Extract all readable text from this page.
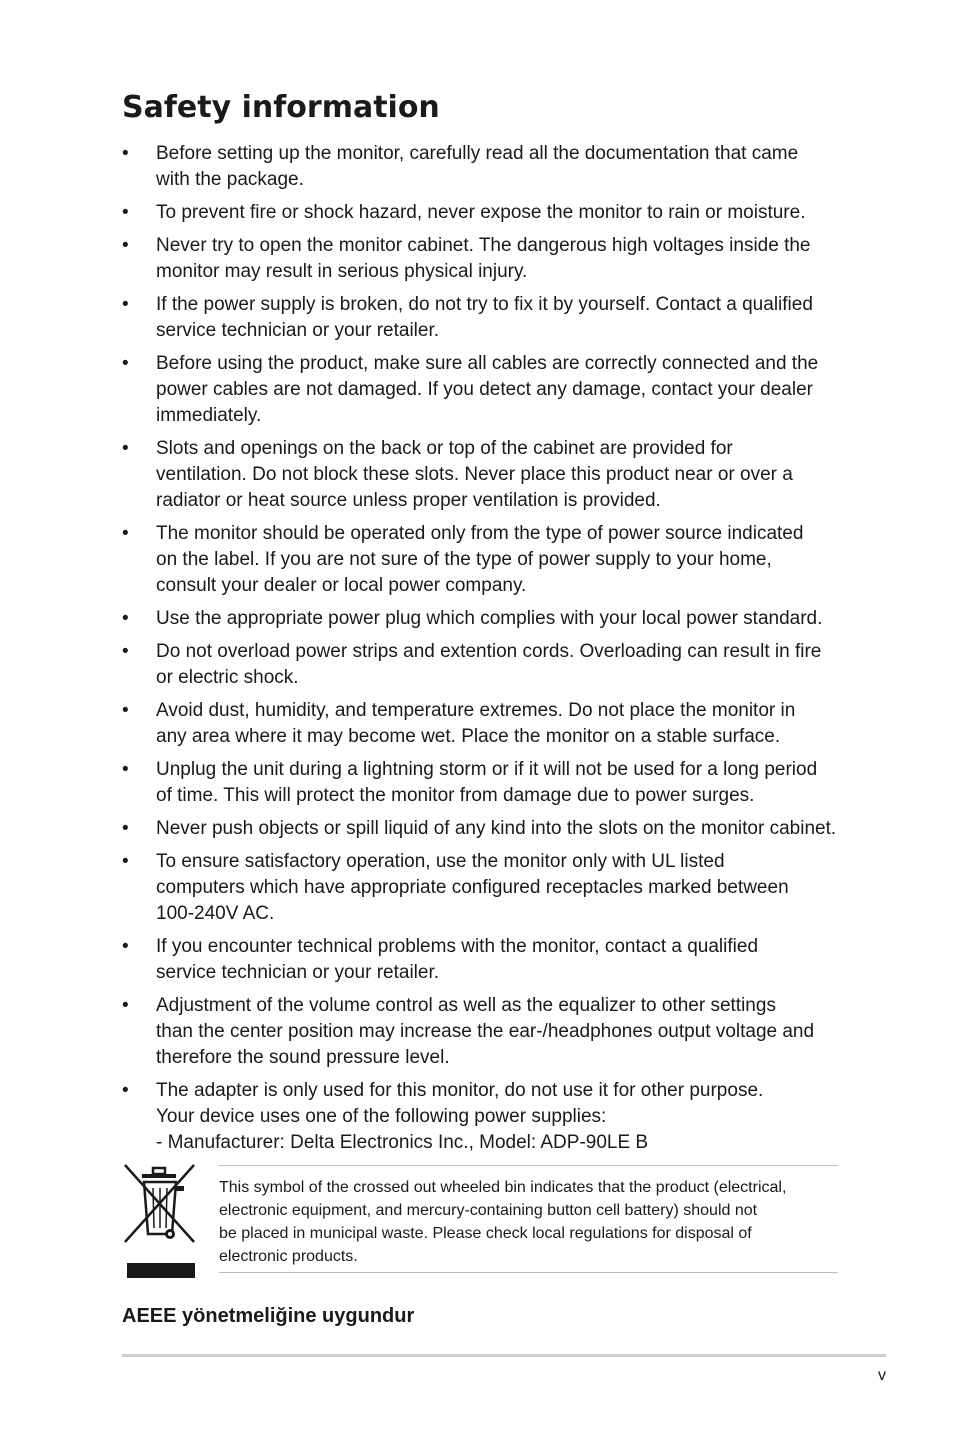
Safety information
• Before setting up the monitor, carefully read all the documentation that came
with the package.
• To prevent fire or shock hazard, never expose the monitor to rain or moisture.
• Never try to open the monitor cabinet. The dangerous high voltages inside the
monitor may result in serious physical injury.
• If the power supply is broken, do not try to fix it by yourself. Contact a qualified
service technician or your retailer.
• Before using the product, make sure all cables are correctly connected and the
power cables are not damaged. If you detect any damage, contact your dealer
immediately.
• Slots and openings on the back or top of the cabinet are provided for
ventilation. Do not block these slots. Never place this product near or over a
radiator or heat source unless proper ventilation is provided.
• The monitor should be operated only from the type of power source indicated
on the label. If you are not sure of the type of power supply to your home,
consult your dealer or local power company.
• Use the appropriate power plug which complies with your local power standard.
• Do not overload power strips and extention cords. Overloading can result in fire
or electric shock.
• Avoid dust, humidity, and temperature extremes. Do not place the monitor in
any area where it may become wet. Place the monitor on a stable surface.
• Unplug the unit during a lightning storm or if it will not be used for a long period
of time. This will protect the monitor from damage due to power surges.
• Never push objects or spill liquid of any kind into the slots on the monitor cabinet.
• To ensure satisfactory operation, use the monitor only with UL listed
computers which have appropriate configured receptacles marked between
100-240V AC.
• If you encounter technical problems with the monitor, contact a qualified
service technician or your retailer.
• Adjustment of the volume control as well as the equalizer to other settings
than the center position may increase the ear-/headphones output voltage and
therefore the sound pressure level.
• The adapter is only used for this monitor, do not use it for other purpose.
Your device uses one of the following power supplies:
- Manufacturer: Delta Electronics Inc., Model: ADP-90LE B
This symbol of the crossed out wheeled bin indicates that the product (electrical,
electronic equipment, and mercury-containing button cell battery) should not
be placed in municipal waste. Please check local regulations for disposal of
electronic products.
AEEE yönetmeliğine uygundur
v
